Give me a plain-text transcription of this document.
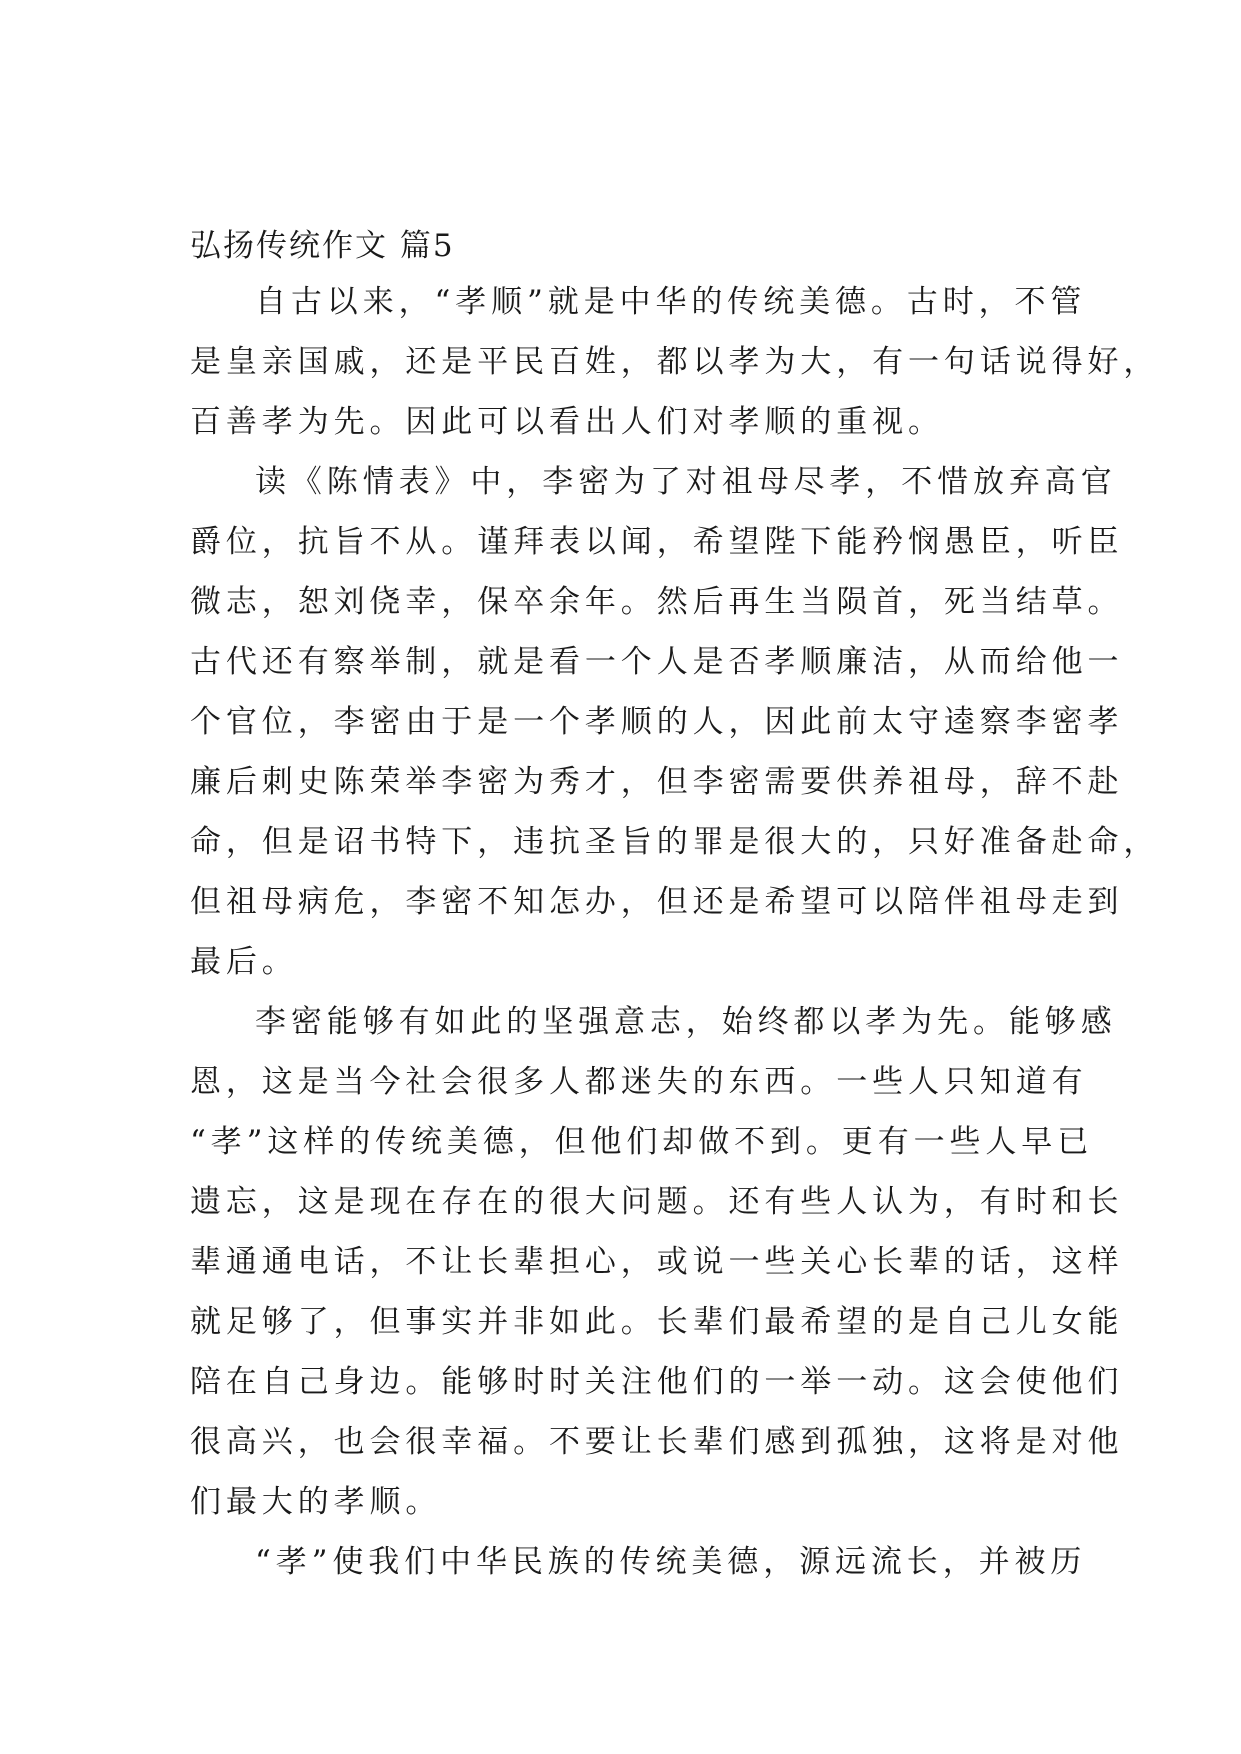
弘扬传统作文 篇5
自古以来，“孝顺”就是中华的传统美德。古时，不管
是皇亲国戚，还是平民百姓，都以孝为大，有一句话说得好，
百善孝为先。因此可以看出人们对孝顺的重视。
读《陈情表》中，李密为了对祖母尽孝，不惜放弃高官
爵位，抗旨不从。谨拜表以闻，希望陛下能矜悯愚臣，听臣
微志，恕刘侥幸，保卒余年。然后再生当陨首，死当结草。
古代还有察举制，就是看一个人是否孝顺廉洁，从而给他一
个官位，李密由于是一个孝顺的人，因此前太守逵察李密孝
廉后刺史陈荣举李密为秀才，但李密需要供养祖母，辞不赴
命，但是诏书特下，违抗圣旨的罪是很大的，只好准备赴命，
但祖母病危，李密不知怎办，但还是希望可以陪伴祖母走到
最后。
李密能够有如此的坚强意志，始终都以孝为先。能够感
恩，这是当今社会很多人都迷失的东西。一些人只知道有
“孝”这样的传统美德，但他们却做不到。更有一些人早已
遗忘，这是现在存在的很大问题。还有些人认为，有时和长
辈通通电话，不让长辈担心，或说一些关心长辈的话，这样
就足够了，但事实并非如此。长辈们最希望的是自己儿女能
陪在自己身边。能够时时关注他们的一举一动。这会使他们
很高兴，也会很幸福。不要让长辈们感到孤独，这将是对他
们最大的孝顺。
“孝”使我们中华民族的传统美德，源远流长，并被历
